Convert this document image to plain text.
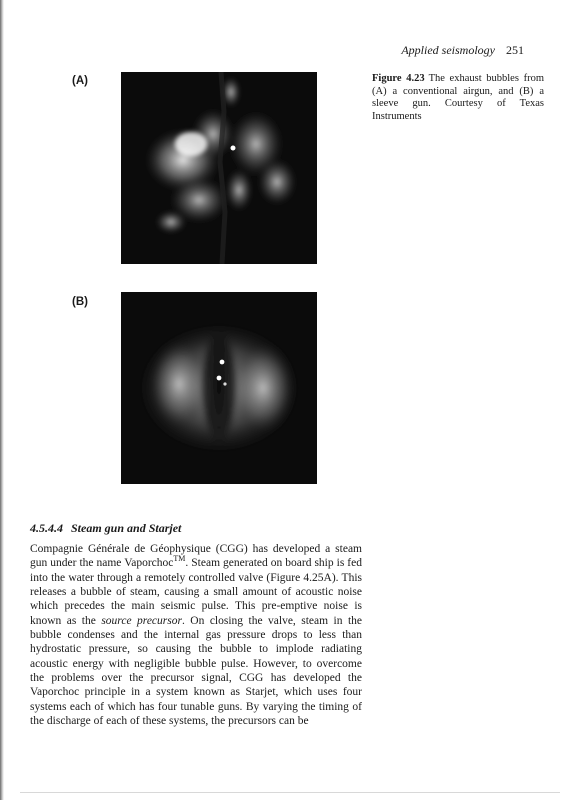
Applied seismology 251
(A)	Figure 4.23 The exhaust bubbles from (A) a conventional airgun, and (B) a sleeve gun. Courtesy of Texas Instruments
(B)
4.5.4.4 Steam gun and Starjet

Compagnie Générale de Géophysique (CGG) has developed a steam gun under the name Vaporchoc™. Steam generated on board ship is fed into the water through a remotely controlled valve (Figure 4.25A). This releases a bubble of steam, causing a small amount of acoustic noise which precedes the main seismic pulse. This pre-emptive noise is known as the source precursor. On closing the valve, steam in the bubble condenses and the internal gas pressure drops to less than hydrostatic pressure, so causing the bubble to implode radiating acoustic energy with negligible bubble pulse. However, to overcome the problems over the precursor signal, CGG has developed the Vaporchoc principle in a system known as Starjet, which uses four systems each of which has four tunable guns. By varying the timing of the discharge of each of these systems, the precursors can be
